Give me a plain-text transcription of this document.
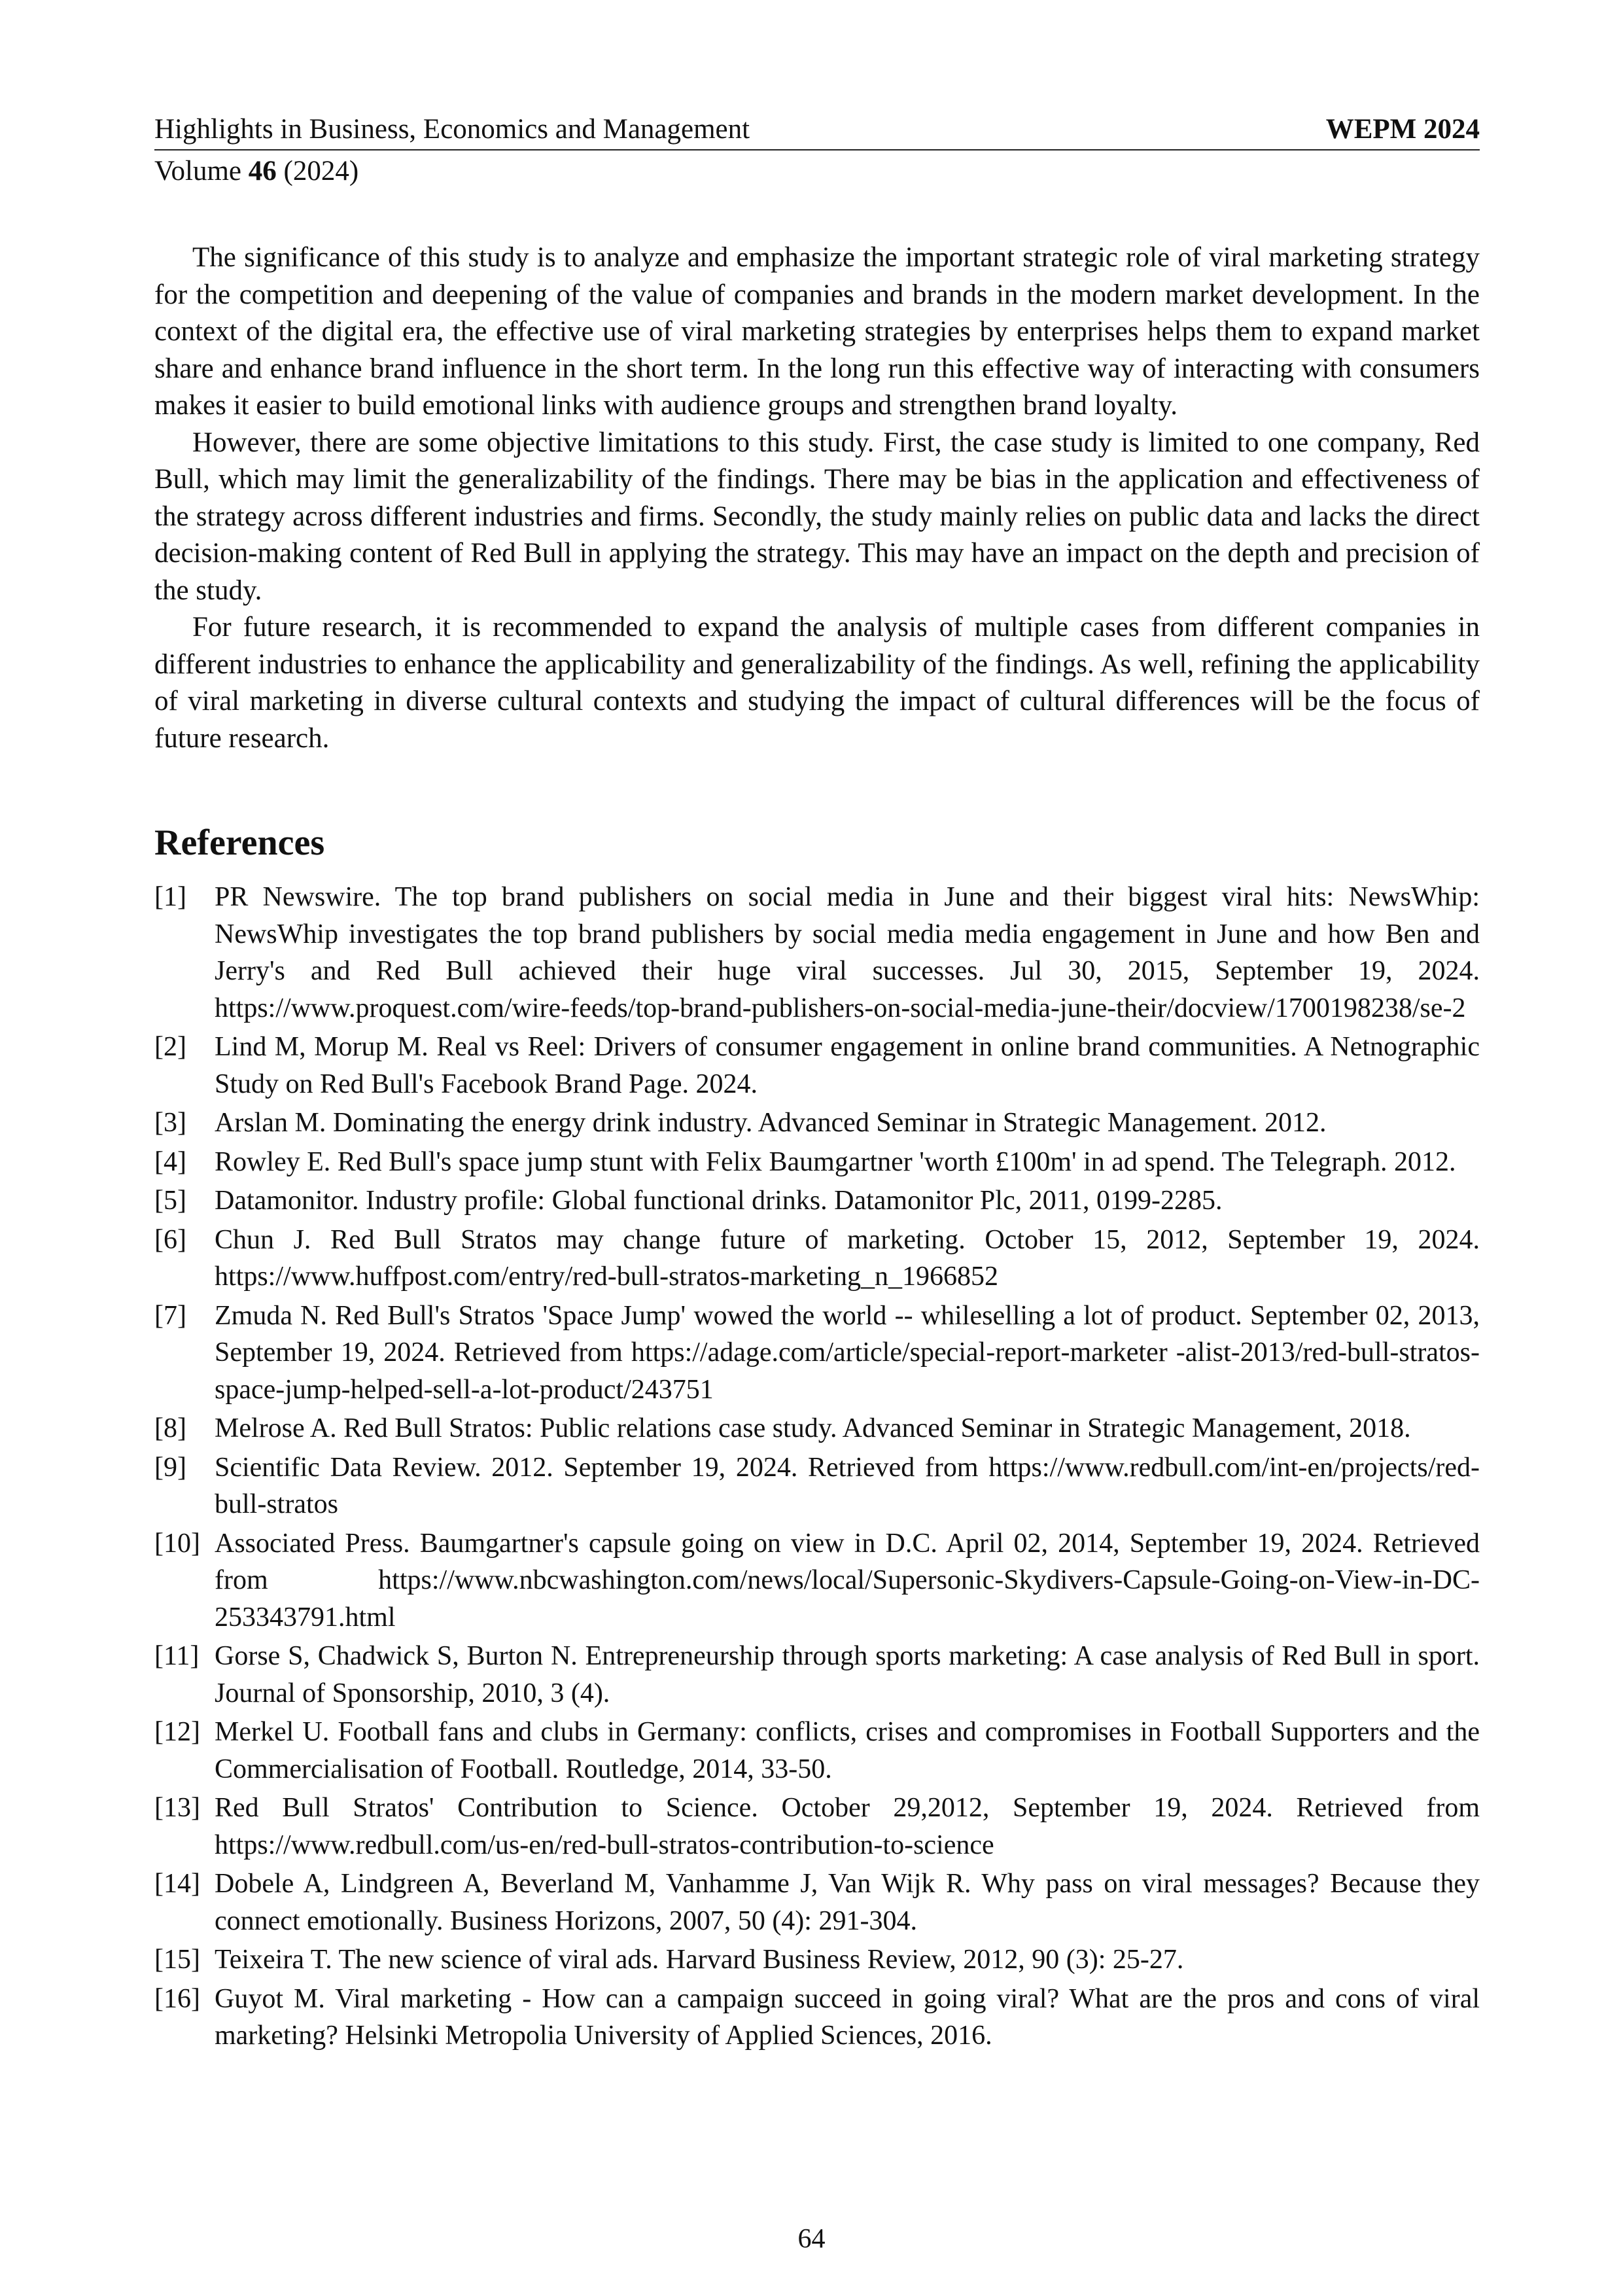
Highlights in Business, Economics and Management	WEPM 2024
Volume 46 (2024)

The significance of this study is to analyze and emphasize the important strategic role of viral marketing strategy for the competition and deepening of the value of companies and brands in the modern market development. In the context of the digital era, the effective use of viral marketing strategies by enterprises helps them to expand market share and enhance brand influence in the short term. In the long run this effective way of interacting with consumers makes it easier to build emotional links with audience groups and strengthen brand loyalty.

However, there are some objective limitations to this study. First, the case study is limited to one company, Red Bull, which may limit the generalizability of the findings. There may be bias in the application and effectiveness of the strategy across different industries and firms. Secondly, the study mainly relies on public data and lacks the direct decision-making content of Red Bull in applying the strategy. This may have an impact on the depth and precision of the study.

For future research, it is recommended to expand the analysis of multiple cases from different companies in different industries to enhance the applicability and generalizability of the findings. As well, refining the applicability of viral marketing in diverse cultural contexts and studying the impact of cultural differences will be the focus of future research.

References
[1]	PR Newswire. The top brand publishers on social media in June and their biggest viral hits: NewsWhip: NewsWhip investigates the top brand publishers by social media media engagement in June and how Ben and Jerry's and Red Bull achieved their huge viral successes. Jul 30, 2015, September 19, 2024. https://www.proquest.com/wire-feeds/top-brand-publishers-on-social-media-june-their/docview/1700198238/se-2
[2]	Lind M, Morup M. Real vs Reel: Drivers of consumer engagement in online brand communities. A Netnographic Study on Red Bull's Facebook Brand Page. 2024.
[3]	Arslan M. Dominating the energy drink industry. Advanced Seminar in Strategic Management. 2012.
[4]	Rowley E. Red Bull's space jump stunt with Felix Baumgartner 'worth £100m' in ad spend. The Telegraph. 2012.
[5]	Datamonitor. Industry profile: Global functional drinks. Datamonitor Plc, 2011, 0199-2285.
[6]	Chun J. Red Bull Stratos may change future of marketing. October 15, 2012, September 19, 2024. https://www.huffpost.com/entry/red-bull-stratos-marketing_n_1966852
[7]	Zmuda N. Red Bull's Stratos 'Space Jump' wowed the world -- whileselling a lot of product. September 02, 2013, September 19, 2024. Retrieved from https://adage.com/article/special-report-marketer -alist-2013/red-bull-stratos-space-jump-helped-sell-a-lot-product/243751
[8]	Melrose A. Red Bull Stratos: Public relations case study. Advanced Seminar in Strategic Management, 2018.
[9]	Scientific Data Review. 2012. September 19, 2024. Retrieved from https://www.redbull.com/int-en/projects/red-bull-stratos
[10] Associated Press. Baumgartner's capsule going on view in D.C. April 02, 2014, September 19, 2024. Retrieved from https://www.nbcwashington.com/news/local/Supersonic-Skydivers-Capsule-Going-on-View-in-DC-253343791.html
[11] Gorse S, Chadwick S, Burton N. Entrepreneurship through sports marketing: A case analysis of Red Bull in sport. Journal of Sponsorship, 2010, 3 (4).
[12] Merkel U. Football fans and clubs in Germany: conflicts, crises and compromises in Football Supporters and the Commercialisation of Football. Routledge, 2014, 33-50.
[13] Red Bull Stratos' Contribution to Science. October 29,2012, September 19, 2024. Retrieved from https://www.redbull.com/us-en/red-bull-stratos-contribution-to-science
[14] Dobele A, Lindgreen A, Beverland M, Vanhamme J, Van Wijk R. Why pass on viral messages? Because they connect emotionally. Business Horizons, 2007, 50 (4): 291-304.
[15] Teixeira T. The new science of viral ads. Harvard Business Review, 2012, 90 (3): 25-27.
[16] Guyot M. Viral marketing - How can a campaign succeed in going viral? What are the pros and cons of viral marketing? Helsinki Metropolia University of Applied Sciences, 2016.
64
